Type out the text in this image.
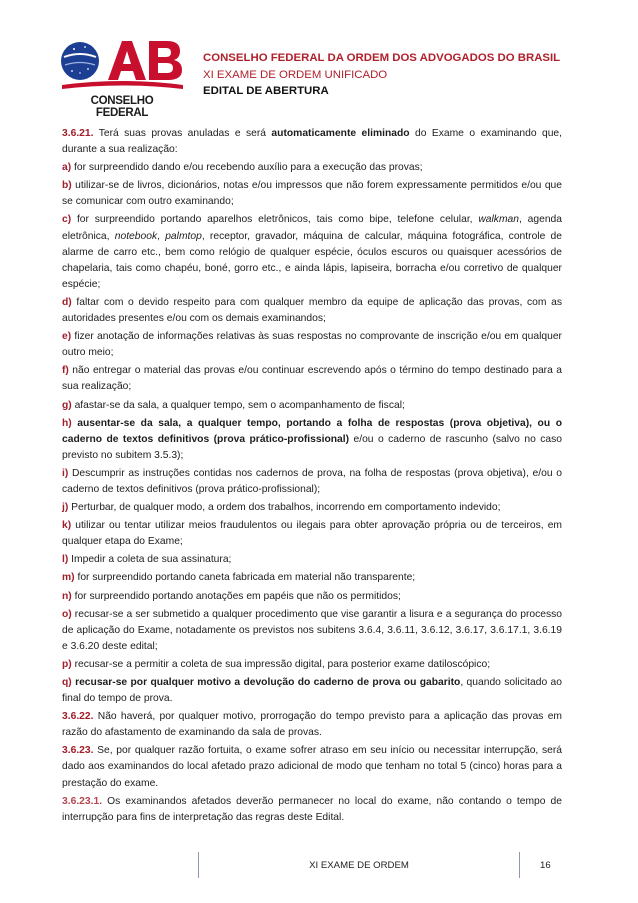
CONSELHO FEDERAL
CONSELHO FEDERAL DA ORDEM DOS ADVOGADOS DO BRASIL
XI EXAME DE ORDEM UNIFICADO
EDITAL DE ABERTURA

3.6.21. Terá suas provas anuladas e será automaticamente eliminado do Exame o examinando que, durante a sua realização:

a) for surpreendido dando e/ou recebendo auxílio para a execução das provas;

b) utilizar-se de livros, dicionários, notas e/ou impressos que não forem expressamente permitidos e/ou que se comunicar com outro examinando;

c) for surpreendido portando aparelhos eletrônicos, tais como bipe, telefone celular, walkman, agenda eletrônica, notebook, palmtop, receptor, gravador, máquina de calcular, máquina fotográfica, controle de alarme de carro etc., bem como relógio de qualquer espécie, óculos escuros ou quaisquer acessórios de chapelaria, tais como chapéu, boné, gorro etc., e ainda lápis, lapiseira, borracha e/ou corretivo de qualquer espécie;

d) faltar com o devido respeito para com qualquer membro da equipe de aplicação das provas, com as autoridades presentes e/ou com os demais examinandos;

e) fizer anotação de informações relativas às suas respostas no comprovante de inscrição e/ou em qualquer outro meio;

f) não entregar o material das provas e/ou continuar escrevendo após o término do tempo destinado para a sua realização;

g) afastar-se da sala, a qualquer tempo, sem o acompanhamento de fiscal;

h) ausentar-se da sala, a qualquer tempo, portando a folha de respostas (prova objetiva), ou o caderno de textos definitivos (prova prático-profissional) e/ou o caderno de rascunho (salvo no caso previsto no subitem 3.5.3);

i) Descumprir as instruções contidas nos cadernos de prova, na folha de respostas (prova objetiva), e/ou o caderno de textos definitivos (prova prático-profissional);

j) Perturbar, de qualquer modo, a ordem dos trabalhos, incorrendo em comportamento indevido;

k) utilizar ou tentar utilizar meios fraudulentos ou ilegais para obter aprovação própria ou de terceiros, em qualquer etapa do Exame;

l) Impedir a coleta de sua assinatura;

m) for surpreendido portando caneta fabricada em material não transparente;

n) for surpreendido portando anotações em papéis que não os permitidos;

o) recusar-se a ser submetido a qualquer procedimento que vise garantir a lisura e a segurança do processo de aplicação do Exame, notadamente os previstos nos subitens 3.6.4, 3.6.11, 3.6.12, 3.6.17, 3.6.17.1, 3.6.19 e 3.6.20 deste edital;

p) recusar-se a permitir a coleta de sua impressão digital, para posterior exame datiloscópico;

q) recusar-se por qualquer motivo a devolução do caderno de prova ou gabarito, quando solicitado ao final do tempo de prova.

3.6.22. Não haverá, por qualquer motivo, prorrogação do tempo previsto para a aplicação das provas em razão do afastamento de examinando da sala de provas.

3.6.23. Se, por qualquer razão fortuita, o exame sofrer atraso em seu início ou necessitar interrupção, será dado aos examinandos do local afetado prazo adicional de modo que tenham no total 5 (cinco) horas para a prestação do exame.

3.6.23.1. Os examinandos afetados deverão permanecer no local do exame, não contando o tempo de interrupção para fins de interpretação das regras deste Edital.

XI EXAME DE ORDEM	16
